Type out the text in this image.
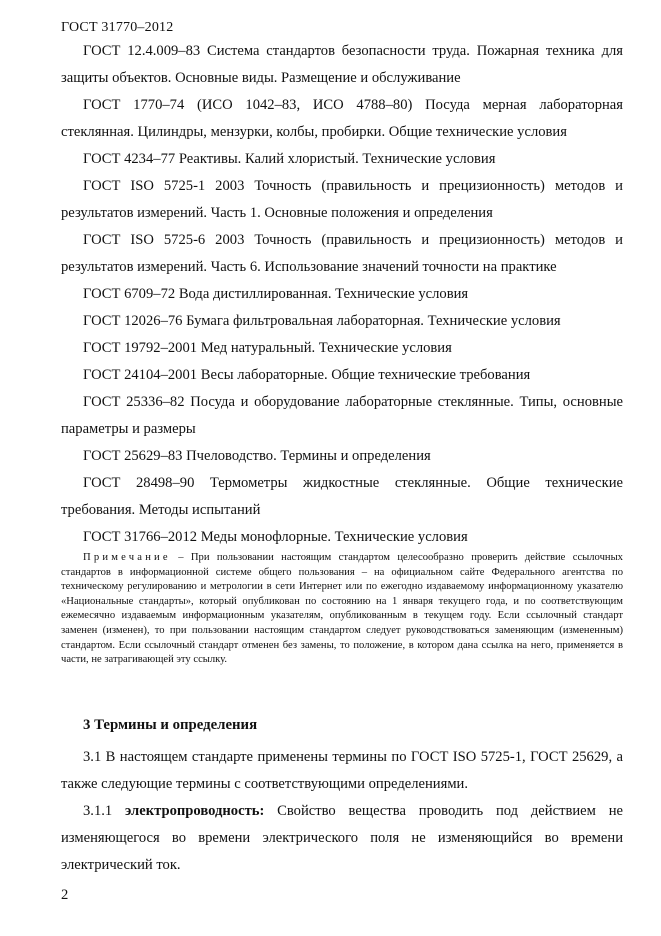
ГОСТ 31770–2012

ГОСТ 12.4.009–83 Система стандартов безопасности труда. Пожарная техника для защиты объектов. Основные виды. Размещение и обслуживание

ГОСТ 1770–74 (ИСО 1042–83, ИСО 4788–80) Посуда мерная лабораторная стеклянная. Цилиндры, мензурки, колбы, пробирки. Общие технические условия

ГОСТ 4234–77 Реактивы. Калий хлористый. Технические условия

ГОСТ ISO 5725-1 2003 Точность (правильность и прецизионность) методов и результатов измерений. Часть 1. Основные положения и определения

ГОСТ ISO 5725-6 2003 Точность (правильность и прецизионность) методов и результатов измерений. Часть 6. Использование значений точности на практике

ГОСТ 6709–72 Вода дистиллированная. Технические условия

ГОСТ 12026–76 Бумага фильтровальная лабораторная. Технические условия

ГОСТ 19792–2001 Мед натуральный. Технические условия

ГОСТ 24104–2001 Весы лабораторные. Общие технические требования

ГОСТ 25336–82 Посуда и оборудование лабораторные стеклянные. Типы, основные параметры и размеры

ГОСТ 25629–83 Пчеловодство. Термины и определения

ГОСТ 28498–90 Термометры жидкостные стеклянные. Общие технические требования. Методы испытаний

ГОСТ 31766–2012 Меды монофлорные. Технические условия

Примечание – При пользовании настоящим стандартом целесообразно проверить действие ссылочных стандартов в информационной системе общего пользования – на официальном сайте Федерального агентства по техническому регулированию и метрологии в сети Интернет или по ежегодно издаваемому информационному указателю «Национальные стандарты», который опубликован по состоянию на 1 января текущего года, и по соответствующим ежемесячно издаваемым информационным указателям, опубликованным в текущем году. Если ссылочный стандарт заменен (изменен), то при пользовании настоящим стандартом следует руководствоваться заменяющим (измененным) стандартом. Если ссылочный стандарт отменен без замены, то положение, в котором дана ссылка на него, применяется в части, не затрагивающей эту ссылку.

3 Термины и определения

3.1 В настоящем стандарте применены термины по ГОСТ ISO 5725-1, ГОСТ 25629, а также следующие термины с соответствующими определениями.

3.1.1 электропроводность: Свойство вещества проводить под действием не изменяющегося во времени электрического поля не изменяющийся во времени электрический ток.

2
